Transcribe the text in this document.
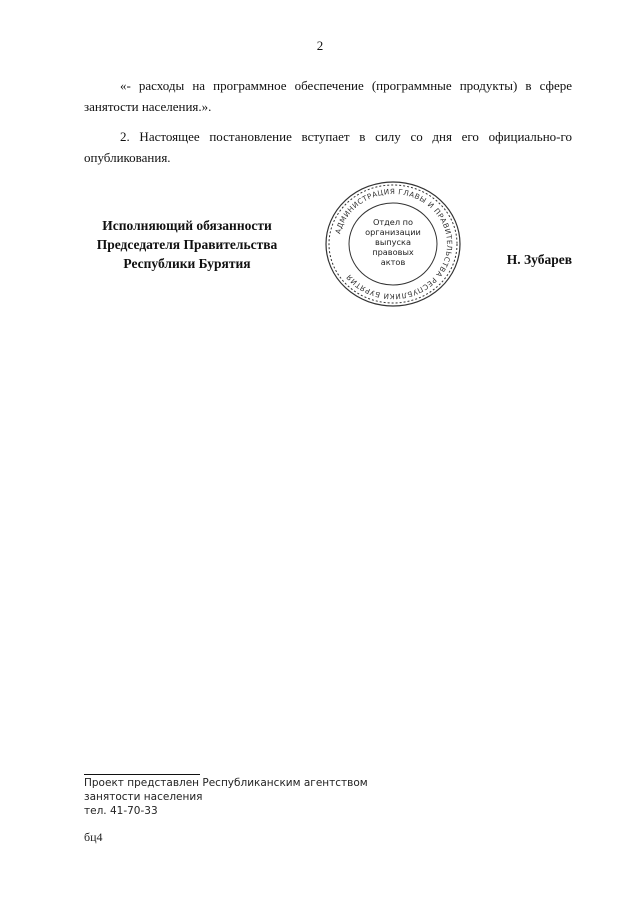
2
«- расходы на программное обеспечение (программные продукты) в сфере занятости населения.».
2. Настоящее постановление вступает в силу со дня его официально-го опубликования.
Исполняющий обязанности
Председателя Правительства
Республики Бурятия
АДМИНИСТРАЦИЯ ГЛАВЫ И ПРАВИТЕЛЬСТВА РЕСПУБЛИКИ БУРЯТИЯ
Отдел по
организации
выпуска
правовых
актов	Н. Зубарев
Проект представлен Республиканским агентством
занятости населения
тел. 41-70-33
бц4
